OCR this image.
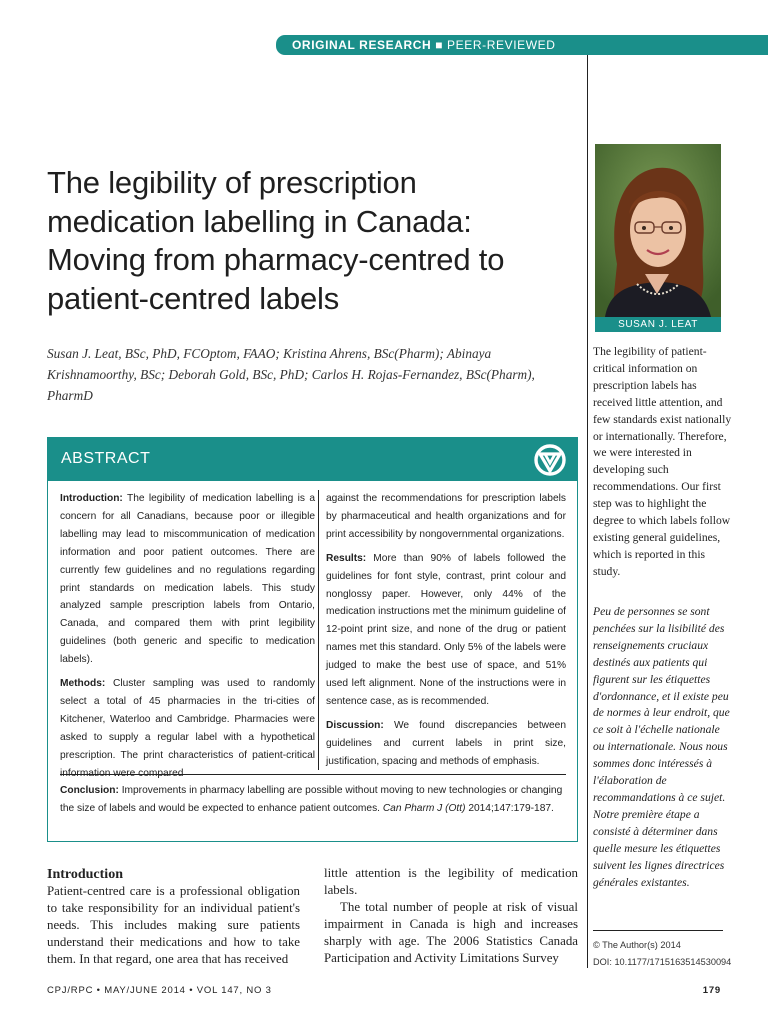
ORIGINAL RESEARCH ■ PEER-REVIEWED
The legibility of prescription medication labelling in Canada: Moving from pharmacy-centred to patient-centred labels
Susan J. Leat, BSc, PhD, FCOptom, FAAO; Kristina Ahrens, BSc(Pharm); Abinaya Krishnamoorthy, BSc; Deborah Gold, BSc, PhD; Carlos H. Rojas-Fernandez, BSc(Pharm), PharmD
ABSTRACT

Introduction: The legibility of medication labelling is a concern for all Canadians, because poor or illegible labelling may lead to miscommunication of medication information and poor patient outcomes. There are currently few guidelines and no regulations regarding print standards on medication labels. This study analyzed sample prescription labels from Ontario, Canada, and compared them with print legibility guidelines (both generic and specific to medication labels).

Methods: Cluster sampling was used to randomly select a total of 45 pharmacies in the tri-cities of Kitchener, Waterloo and Cambridge. Pharmacies were asked to supply a regular label with a hypothetical prescription. The print characteristics of patient-critical

against the recommendations for prescription labels by pharmaceutical and health organizations and for print accessibility by nongovernmental organizations.

Results: More than 90% of labels followed the guidelines for font style, contrast, print colour and nonglossy paper. However, only 44% of the medication instructions met the minimum guideline of 12-point print size, and none of the drug or patient names met this standard. Only 5% of the labels were judged to make the best use of space, and 51% used left alignment. None of the instructions were in sentence case, as is recommended.

Discussion: We found discrepancies between guidelines and current labels in print size, justification, spacing and methods of emphasis.

Conclusion: Improvements in pharmacy labelling are possible without moving to new technologies or changing the size of labels and would be expected to enhance patient outcomes. Can Pharm J (Ott) 2014;147:179-187.
Introduction

Patient-centred care is a professional obligation to take responsibility for an individual patient's needs. This includes making sure patients understand their medications and how to take them. In that regard, one area that has received

little attention is the legibility of medication labels.

The total number of people at risk of visual impairment in Canada is high and increases sharply with age. The 2006 Statistics Canada Participation and Activity Limitations Survey

SUSAN J. LEAT
The legibility of patient-critical information on prescription labels has received little attention, and few standards exist nationally or internationally. Therefore, we were interested in developing such recommendations. Our first step was to highlight the degree to which labels follow existing general guidelines, which is reported in this study.
Peu de personnes se sont penchées sur la lisibilité des renseignements cruciaux destinés aux patients qui figurent sur les étiquettes d'ordonnance, et il existe peu de normes à leur endroit, que ce soit à l'échelle nationale ou internationale. Nous nous sommes donc intéressés à l'élaboration de recommandations à ce sujet. Notre première étape a consisté à déterminer dans quelle mesure les étiquettes suivent les lignes directrices générales existantes.
© The Author(s) 2014
DOI: 10.1177/1715163514530094
CPJ/RPC • MAY/JUNE 2014 • VOL 147, NO 3	179
